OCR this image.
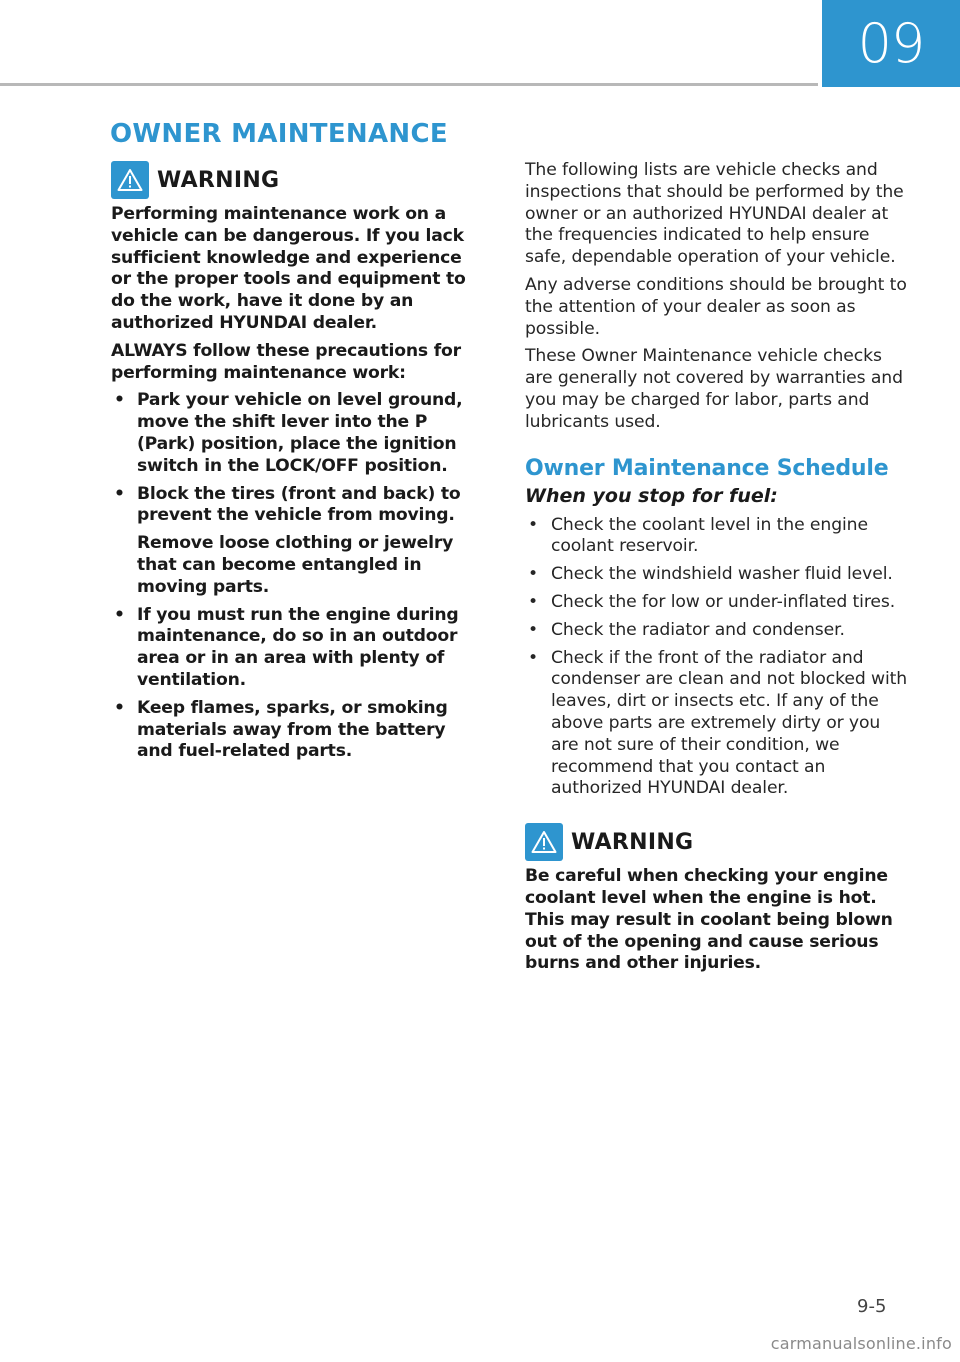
09
OWNER MAINTENANCE
WARNING

Performing maintenance work on a vehicle can be dangerous. If you lack sufficient knowledge and experience or the proper tools and equipment to do the work, have it done by an authorized HYUNDAI dealer.

ALWAYS follow these precautions for performing maintenance work:

• Park your vehicle on level ground, move the shift lever into the P (Park) position, place the ignition switch in the LOCK/OFF position.
• Block the tires (front and back) to prevent the vehicle from moving.

Remove loose clothing or jewelry that can become entangled in moving parts.

• If you must run the engine during maintenance, do so in an outdoor area or in an area with plenty of ventilation.
• Keep flames, sparks, or smoking materials away from the battery and fuel-related parts.

The following lists are vehicle checks and inspections that should be performed by the owner or an authorized HYUNDAI dealer at the frequencies indicated to help ensure safe, dependable operation of your vehicle.

Any adverse conditions should be brought to the attention of your dealer as soon as possible.

These Owner Maintenance vehicle checks are generally not covered by warranties and you may be charged for labor, parts and lubricants used.

Owner Maintenance Schedule
When you stop for fuel:
• Check the coolant level in the engine coolant reservoir.
• Check the windshield washer fluid level.
• Check the for low or under-inflated tires.
• Check the radiator and condenser.
• Check if the front of the radiator and condenser are clean and not blocked with leaves, dirt or insects etc. If any of the above parts are extremely dirty or you are not sure of their condition, we recommend that you contact an authorized HYUNDAI dealer.
WARNING

Be careful when checking your engine coolant level when the engine is hot. This may result in coolant being blown out of the opening and cause serious burns and other injuries.

9-5
carmanualsonline.info
